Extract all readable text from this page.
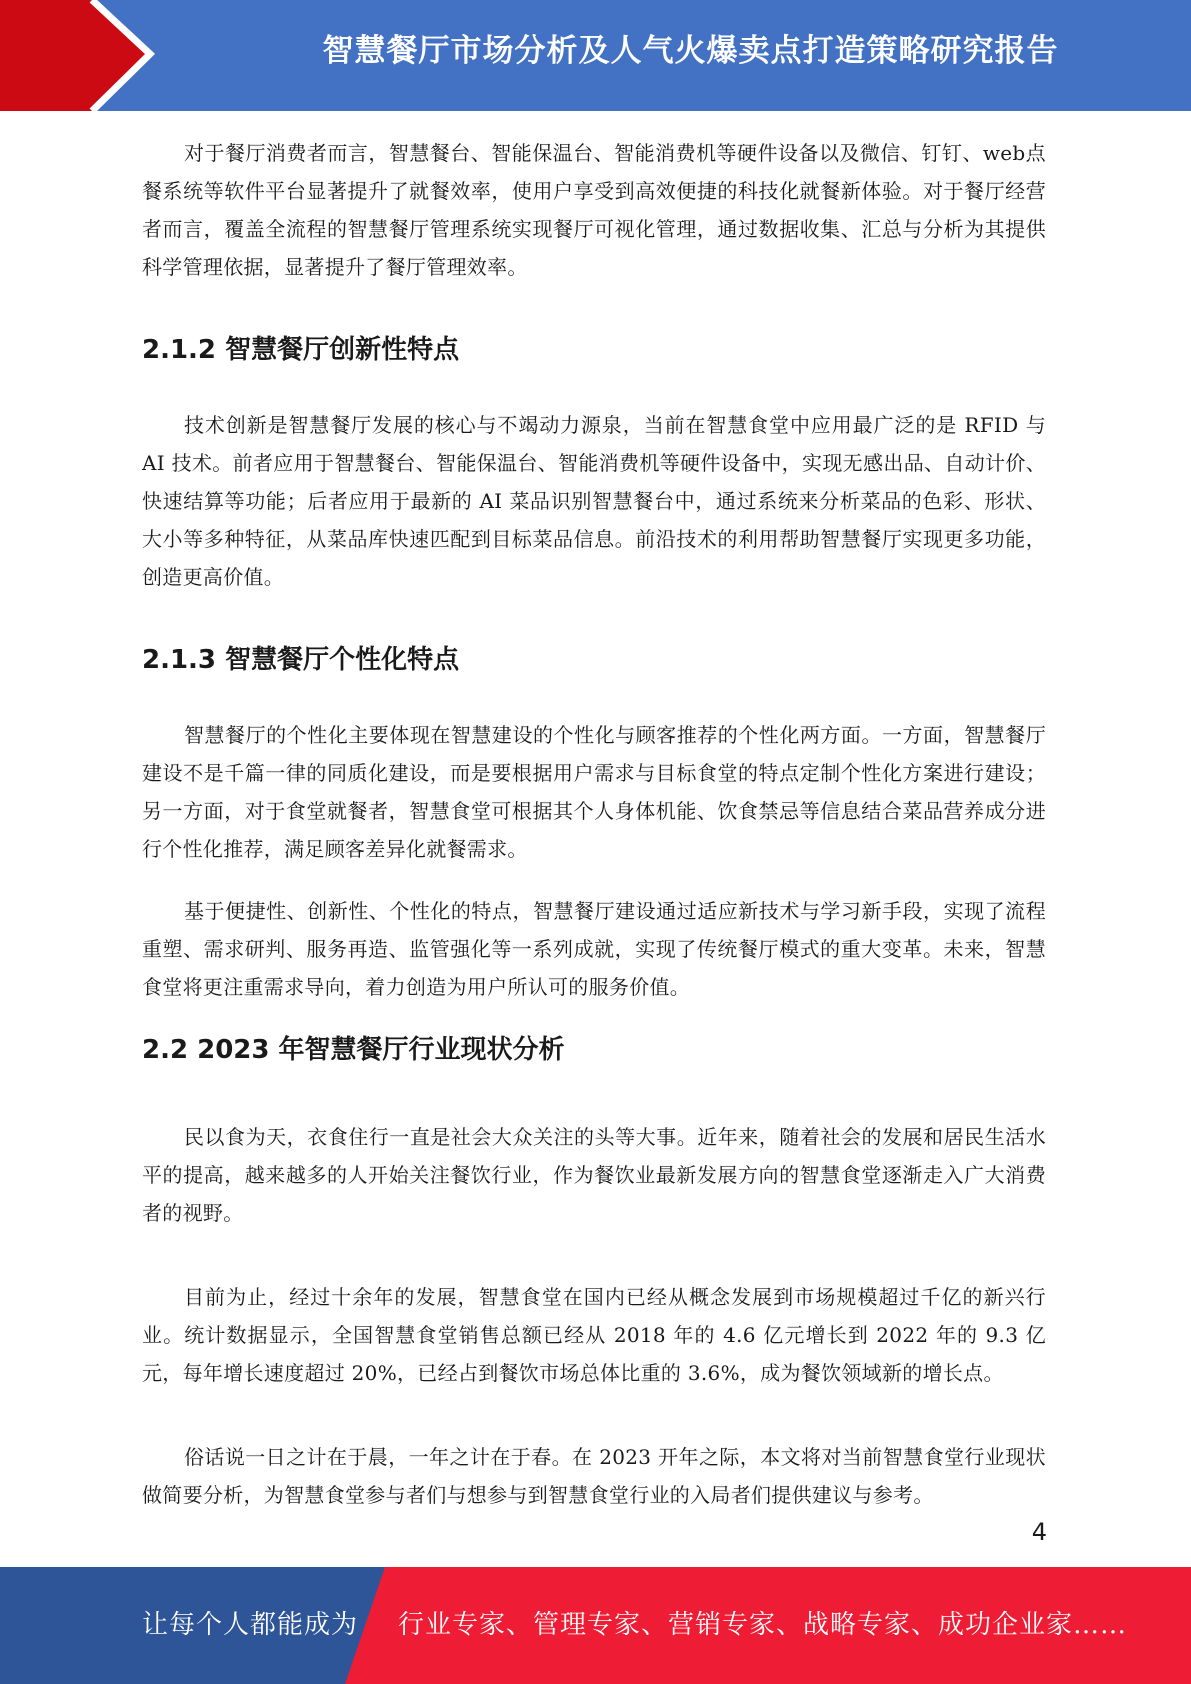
智慧餐厅市场分析及人气火爆卖点打造策略研究报告

对于餐厅消费者而言，智慧餐台、智能保温台、智能消费机等硬件设备以及微信、钉钉、web点餐系统等软件平台显著提升了就餐效率，使用户享受到高效便捷的科技化就餐新体验。对于餐厅经营者而言，覆盖全流程的智慧餐厅管理系统实现餐厅可视化管理，通过数据收集、汇总与分析为其提供科学管理依据，显著提升了餐厅管理效率。

2.1.2 智慧餐厅创新性特点

技术创新是智慧餐厅发展的核心与不竭动力源泉，当前在智慧食堂中应用最广泛的是 RFID 与 AI 技术。前者应用于智慧餐台、智能保温台、智能消费机等硬件设备中，实现无感出品、自动计价、快速结算等功能；后者应用于最新的 AI 菜品识别智慧餐台中，通过系统来分析菜品的色彩、形状、大小等多种特征，从菜品库快速匹配到目标菜品信息。前沿技术的利用帮助智慧餐厅实现更多功能，创造更高价值。

2.1.3 智慧餐厅个性化特点

智慧餐厅的个性化主要体现在智慧建设的个性化与顾客推荐的个性化两方面。一方面，智慧餐厅建设不是千篇一律的同质化建设，而是要根据用户需求与目标食堂的特点定制个性化方案进行建设；另一方面，对于食堂就餐者，智慧食堂可根据其个人身体机能、饮食禁忌等信息结合菜品营养成分进行个性化推荐，满足顾客差异化就餐需求。

基于便捷性、创新性、个性化的特点，智慧餐厅建设通过适应新技术与学习新手段，实现了流程重塑、需求研判、服务再造、监管强化等一系列成就，实现了传统餐厅模式的重大变革。未来，智慧食堂将更注重需求导向，着力创造为用户所认可的服务价值。

2.2 2023 年智慧餐厅行业现状分析

民以食为天，衣食住行一直是社会大众关注的头等大事。近年来，随着社会的发展和居民生活水平的提高，越来越多的人开始关注餐饮行业，作为餐饮业最新发展方向的智慧食堂逐渐走入广大消费者的视野。

目前为止，经过十余年的发展，智慧食堂在国内已经从概念发展到市场规模超过千亿的新兴行业。统计数据显示，全国智慧食堂销售总额已经从 2018 年的 4.6 亿元增长到 2022 年的 9.3 亿元，每年增长速度超过 20%，已经占到餐饮市场总体比重的 3.6%，成为餐饮领域新的增长点。

俗话说一日之计在于晨，一年之计在于春。在 2023 开年之际，本文将对当前智慧食堂行业现状做简要分析，为智慧食堂参与者们与想参与到智慧食堂行业的入局者们提供建议与参考。

4
让每个人都能成为 行业专家、管理专家、营销专家、战略专家、成功企业家……
